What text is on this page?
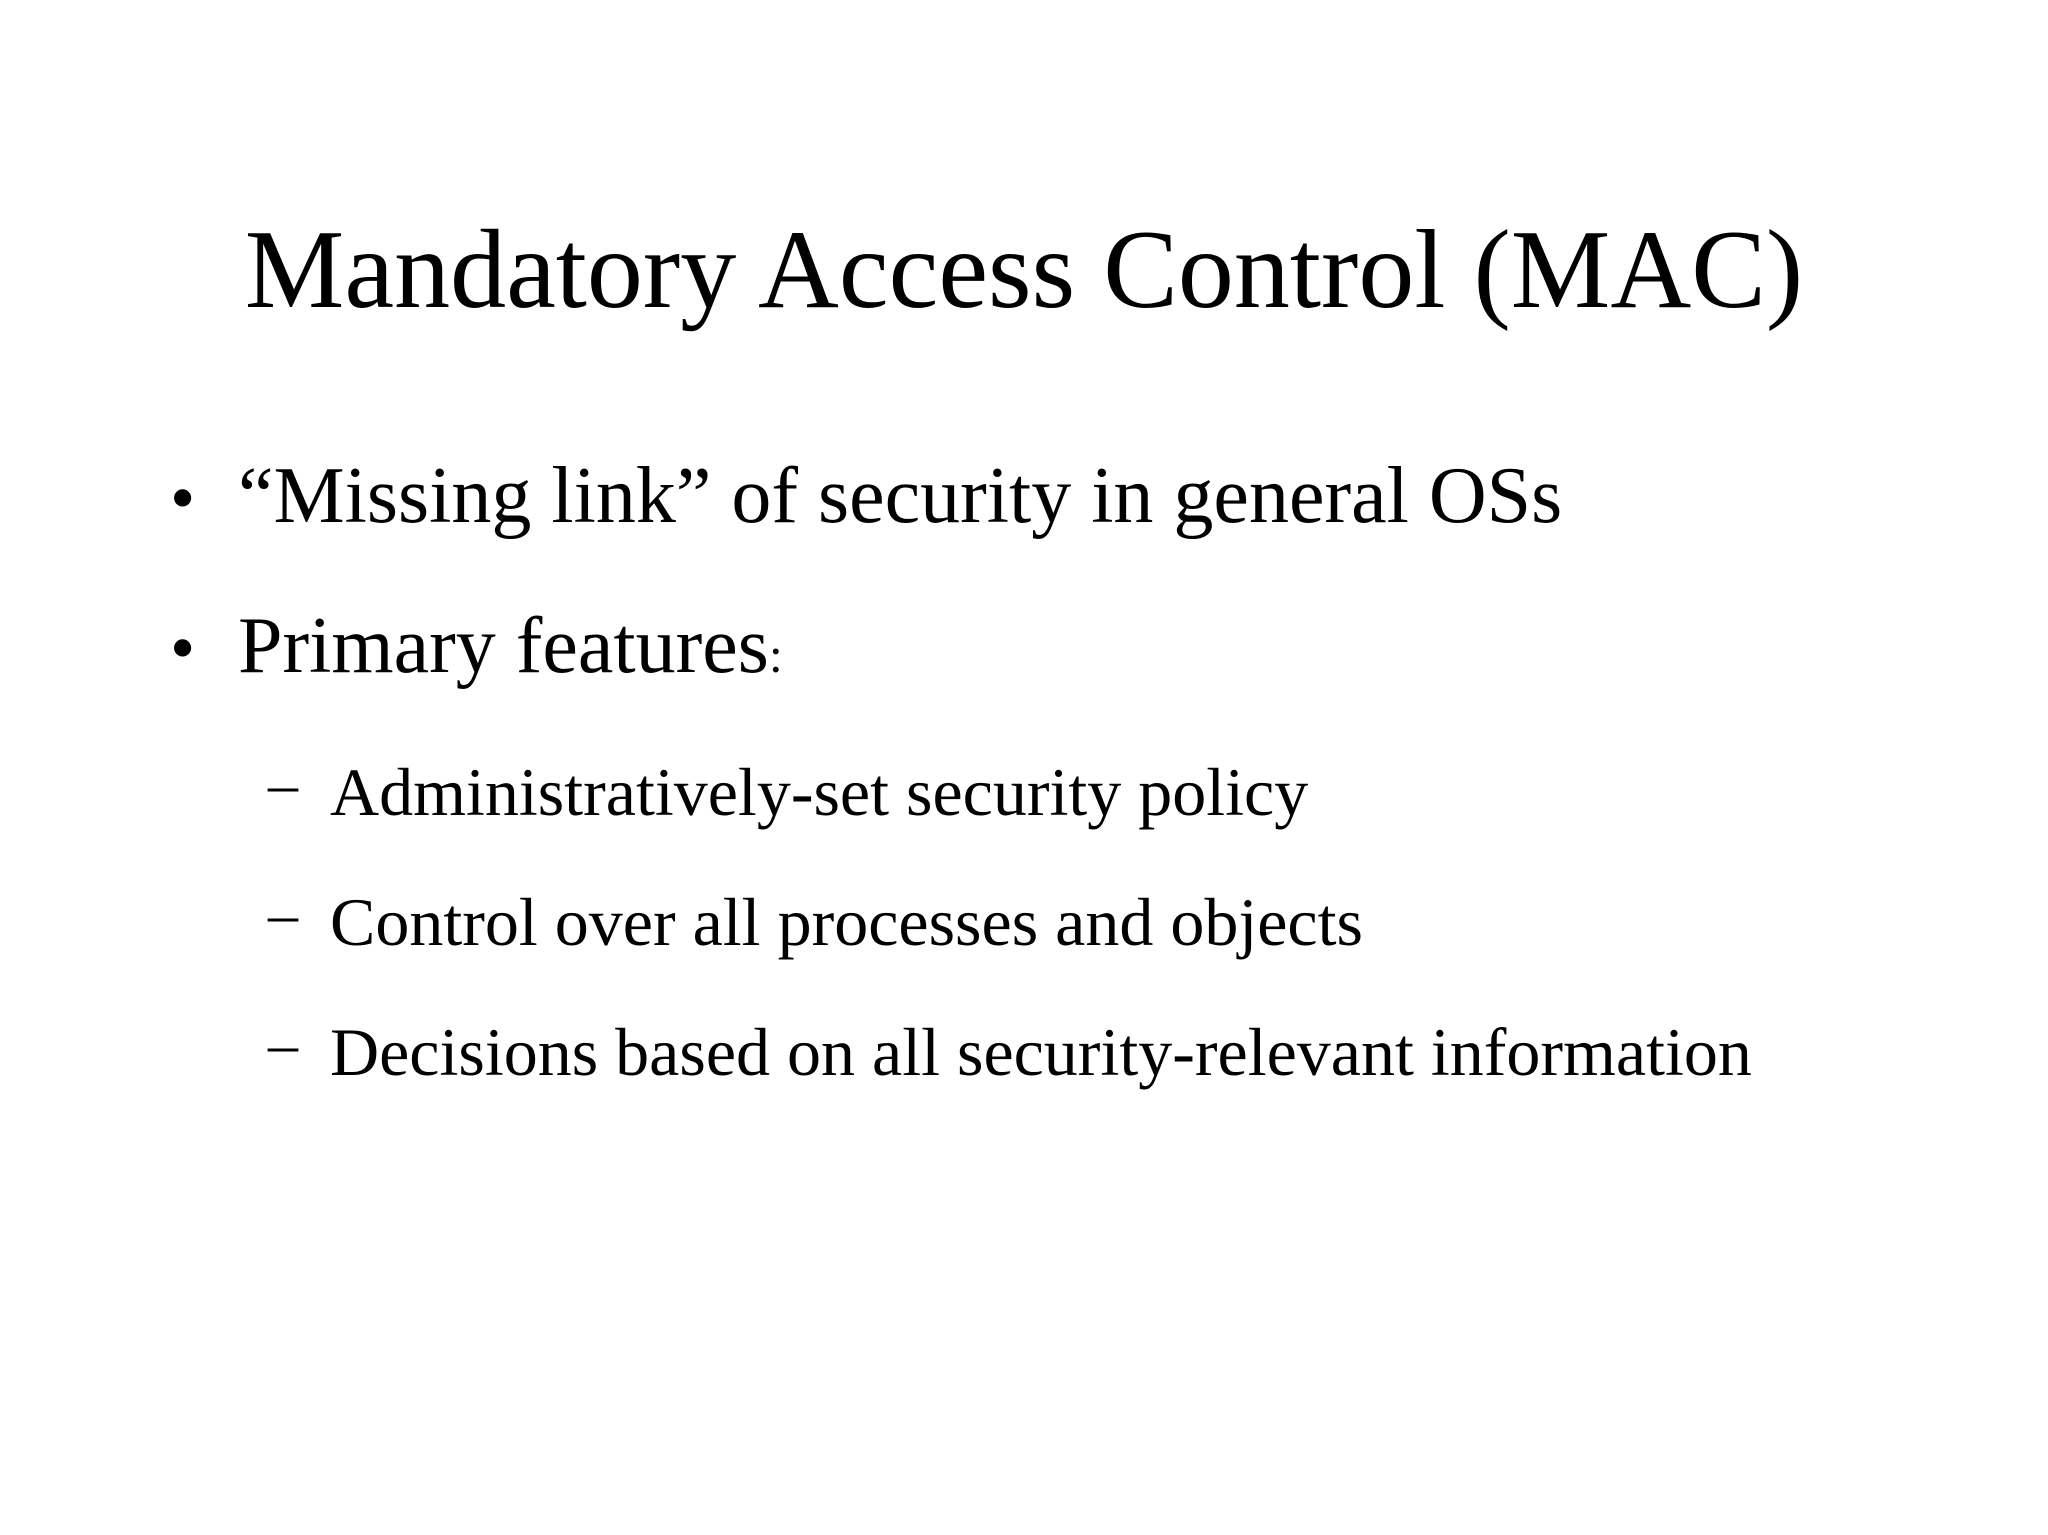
Mandatory Access Control (MAC)
• “Missing link” of security in general OSs
• Primary features:
– Administratively-set security policy
– Control over all processes and objects
– Decisions based on all security-relevant information
